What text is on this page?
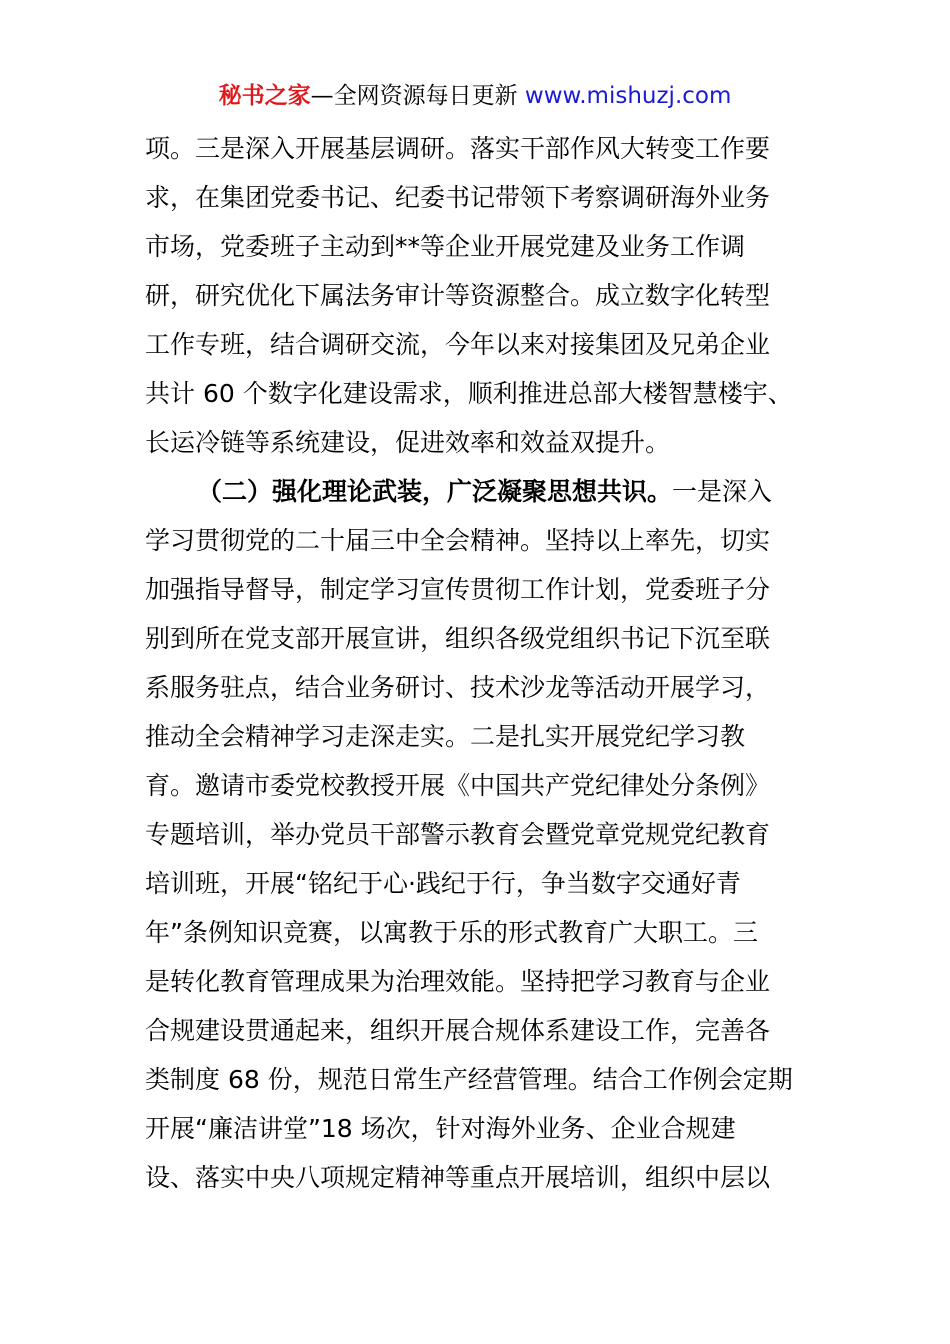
秘书之家—全网资源每日更新 www.mishuzj.com
项。三是深入开展基层调研。落实干部作风大转变工作要
求，在集团党委书记、纪委书记带领下考察调研海外业务
市场，党委班子主动到**等企业开展党建及业务工作调
研，研究优化下属法务审计等资源整合。成立数字化转型
工作专班，结合调研交流，今年以来对接集团及兄弟企业
共计 60 个数字化建设需求，顺利推进总部大楼智慧楼宇、
长运冷链等系统建设，促进效率和效益双提升。
（二）强化理论武装，广泛凝聚思想共识。一是深入
学习贯彻党的二十届三中全会精神。坚持以上率先，切实
加强指导督导，制定学习宣传贯彻工作计划，党委班子分
别到所在党支部开展宣讲，组织各级党组织书记下沉至联
系服务驻点，结合业务研讨、技术沙龙等活动开展学习，
推动全会精神学习走深走实。二是扎实开展党纪学习教
育。邀请市委党校教授开展《中国共产党纪律处分条例》
专题培训，举办党员干部警示教育会暨党章党规党纪教育
培训班，开展“铭纪于心·践纪于行，争当数字交通好青
年”条例知识竞赛，以寓教于乐的形式教育广大职工。三
是转化教育管理成果为治理效能。坚持把学习教育与企业
合规建设贯通起来，组织开展合规体系建设工作，完善各
类制度 68 份，规范日常生产经营管理。结合工作例会定期
开展“廉洁讲堂”18 场次，针对海外业务、企业合规建
设、落实中央八项规定精神等重点开展培训，组织中层以
